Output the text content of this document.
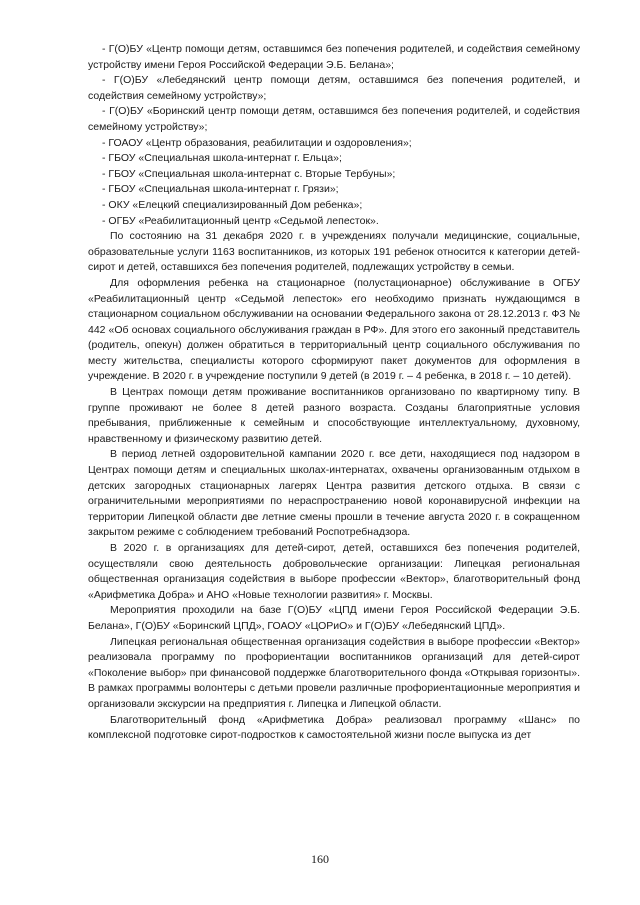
- Г(О)БУ «Центр помощи детям, оставшимся без попечения родителей, и содействия семейному устройству имени Героя Российской Федерации Э.Б. Белана»;

- Г(О)БУ «Лебедянский центр помощи детям, оставшимся без попечения родителей, и содействия семейному устройству»;

- Г(О)БУ «Боринский центр помощи детям, оставшимся без попечения родителей, и содействия семейному устройству»;

- ГОАОУ «Центр образования, реабилитации и оздоровления»;

- ГБОУ «Специальная школа-интернат г. Ельца»;

- ГБОУ «Специальная школа-интернат с. Вторые Тербуны»;

- ГБОУ «Специальная школа-интернат г. Грязи»;

- ОКУ «Елецкий специализированный Дом ребенка»;

- ОГБУ «Реабилитационный центр «Седьмой лепесток».

По состоянию на 31 декабря 2020 г. в учреждениях получали медицинские, социальные, образовательные услуги 1163 воспитанников, из которых 191 ребенок относится к категории детей-сирот и детей, оставшихся без попечения родителей, подлежащих устройству в семьи.

Для оформления ребенка на стационарное (полустационарное) обслуживание в ОГБУ «Реабилитационный центр «Седьмой лепесток» его необходимо признать нуждающимся в стационарном социальном обслуживании на основании Федерального закона от 28.12.2013 г. ФЗ № 442 «Об основах социального обслуживания граждан в РФ». Для этого его законный представитель (родитель, опекун) должен обратиться в территориальный центр социального обслуживания по месту жительства, специалисты которого сформируют пакет документов для оформления в учреждение. В 2020 г. в учреждение поступили 9 детей (в 2019 г. – 4 ребенка, в 2018 г. – 10 детей).

В Центрах помощи детям проживание воспитанников организовано по квартирному типу. В группе проживают не более 8 детей разного возраста. Созданы благоприятные условия пребывания, приближенные к семейным и способствующие интеллектуальному, духовному, нравственному и физическому развитию детей.

В период летней оздоровительной кампании 2020 г. все дети, находящиеся под надзором в Центрах помощи детям и специальных школах-интернатах, охвачены организованным отдыхом в детских загородных стационарных лагерях Центра развития детского отдыха. В связи с ограничительными мероприятиями по нераспространению новой коронавирусной инфекции на территории Липецкой области две летние смены прошли в течение августа 2020 г. в сокращенном закрытом режиме с соблюдением требований Роспотребнадзора.

В 2020 г. в организациях для детей-сирот, детей, оставшихся без попечения родителей, осуществляли свою деятельность добровольческие организации: Липецкая региональная общественная организация содействия в выборе профессии «Вектор», благотворительный фонд «Арифметика Добра» и АНО «Новые технологии развития» г. Москвы.

Мероприятия проходили на базе Г(О)БУ «ЦПД имени Героя Российской Федерации Э.Б. Белана», Г(О)БУ «Боринский ЦПД», ГОАОУ «ЦОРиО» и Г(О)БУ «Лебедянский ЦПД».

Липецкая региональная общественная организация содействия в выборе профессии «Вектор» реализовала программу по профориентации воспитанников организаций для детей-сирот «Поколение выбор» при финансовой поддержке благотворительного фонда «Открывая горизонты». В рамках программы волонтеры с детьми провели различные профориентационные мероприятия и организовали экскурсии на предприятия г. Липецка и Липецкой области.

Благотворительный фонд «Арифметика Добра» реализовал программу «Шанс» по комплексной подготовке сирот-подростков к самостоятельной жизни после выпуска из дет

160
